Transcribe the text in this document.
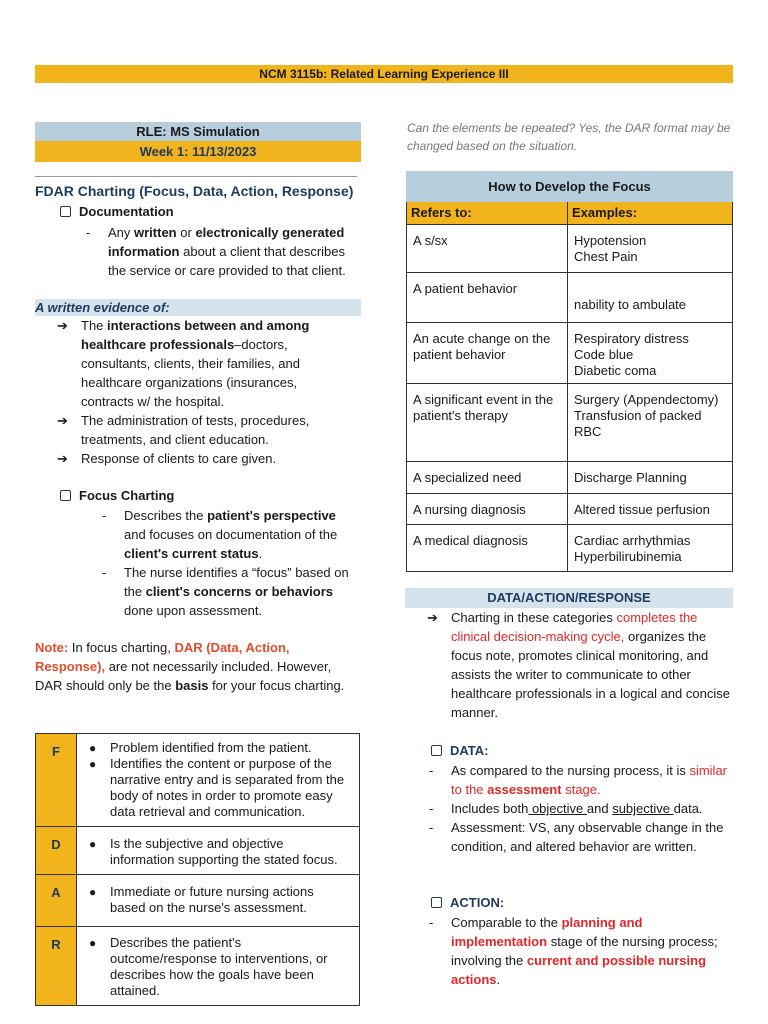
NCM 3115b: Related Learning Experience III
RLE: MS Simulation
Week 1: 11/13/2023
FDAR Charting (Focus, Data, Action, Response)
Documentation
- Any written or electronically generated information about a client that describes the service or care provided to that client.
A written evidence of:
➔ The interactions between and among healthcare professionals–doctors, consultants, clients, their families, and healthcare organizations (insurances, contracts w/ the hospital.
➔ The administration of tests, procedures, treatments, and client education.
➔ Response of clients to care given.
Focus Charting
- Describes the patient's perspective and focuses on documentation of the client's current status.
- The nurse identifies a “focus” based on the client's concerns or behaviors done upon assessment.
Note: In focus charting, DAR (Data, Action, Response), are not necessarily included. However, DAR should only be the basis for your focus charting.
F	● Problem identified from the patient.
● Identifies the content or purpose of the narrative entry and is separated from the body of notes in order to promote easy data retrieval and communication.

D	● Is the subjective and objective information supporting the stated focus.

A	● Immediate or future nursing actions based on the nurse's assessment.

R	● Describes the patient's outcome/response to interventions, or describes how the goals have been attained.
Can the elements be repeated? Yes, the DAR format may be changed based on the situation.
How to Develop the Focus	
Refers to:	Examples:
A s/sx	Hypotension
Chest Pain

A patient behavior	nability to ambulate

An acute change on the patient behavior	Respiratory distress
Code blue
Diabetic coma

A significant event in the patient's therapy	Surgery (Appendectomy)
Transfusion of packed RBC

A specialized need	Discharge Planning

A nursing diagnosis	Altered tissue perfusion

A medical diagnosis	Cardiac arrhythmias
Hyperbilirubinemia
DATA/ACTION/RESPONSE
➔ Charting in these categories completes the clinical decision-making cycle, organizes the focus note, promotes clinical monitoring, and assists the writer to communicate to other healthcare professionals in a logical and concise manner.
DATA:
- As compared to the nursing process, it is similar to the assessment stage.
- Includes both objective and subjective data.
- Assessment: VS, any observable change in the condition, and altered behavior are written.
ACTION:
- Comparable to the planning and implementation stage of the nursing process; involving the current and possible nursing actions.
